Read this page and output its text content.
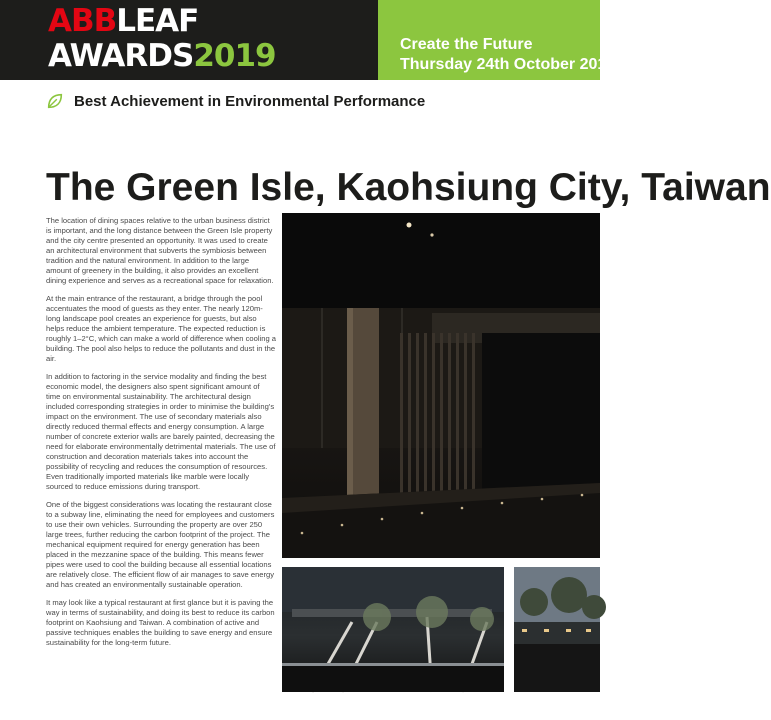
ABBLEAF
AWARDS2019	Create the Future
Thursday 24th October 2019
Best Achievement in Environmental Performance
The Green Isle, Kaohsiung City, Taiwan

The location of dining spaces relative to the urban business district is important, and the long distance between the Green Isle property and the city centre presented an opportunity. It was used to create an architectural environment that subverts the symbiosis between tradition and the natural environment. In addition to the large amount of greenery in the building, it also provides an excellent dining experience and serves as a recreational space for relaxation.

At the main entrance of the restaurant, a bridge through the pool accentuates the mood of guests as they enter. The nearly 120m-long landscape pool creates an experience for guests, but also helps reduce the ambient temperature. The expected reduction is roughly 1–2°C, which can make a world of difference when cooling a building. The pool also helps to reduce the pollutants and dust in the air.

In addition to factoring in the service modality and finding the best economic model, the designers also spent significant amount of time on environmental sustainability. The architectural design included corresponding strategies in order to minimise the building's impact on the environment. The use of secondary materials also directly reduced thermal effects and energy consumption. A large number of concrete exterior walls are barely painted, decreasing the need for elaborate environmentally detrimental materials. The use of construction and decoration materials takes into account the possibility of recycling and reduces the consumption of resources. Even traditionally imported materials like marble were locally sourced to reduce emissions during transport.

One of the biggest considerations was locating the restaurant close to a subway line, eliminating the need for employees and customers to use their own vehicles. Surrounding the property are over 250 large trees, further reducing the carbon footprint of the project. The mechanical equipment required for energy generation has been placed in the mezzanine space of the building. This means fewer pipes were used to cool the building because all essential locations are relatively close. The efficient flow of air manages to save energy and has created an environmentally sustainable operation.

It may look like a typical restaurant at first glance but it is paving the way in terms of sustainability, and doing its best to reduce its carbon footprint on Kaohsiung and Taiwan. A combination of active and passive techniques enables the building to save energy and ensure sustainability for the long-term future.
